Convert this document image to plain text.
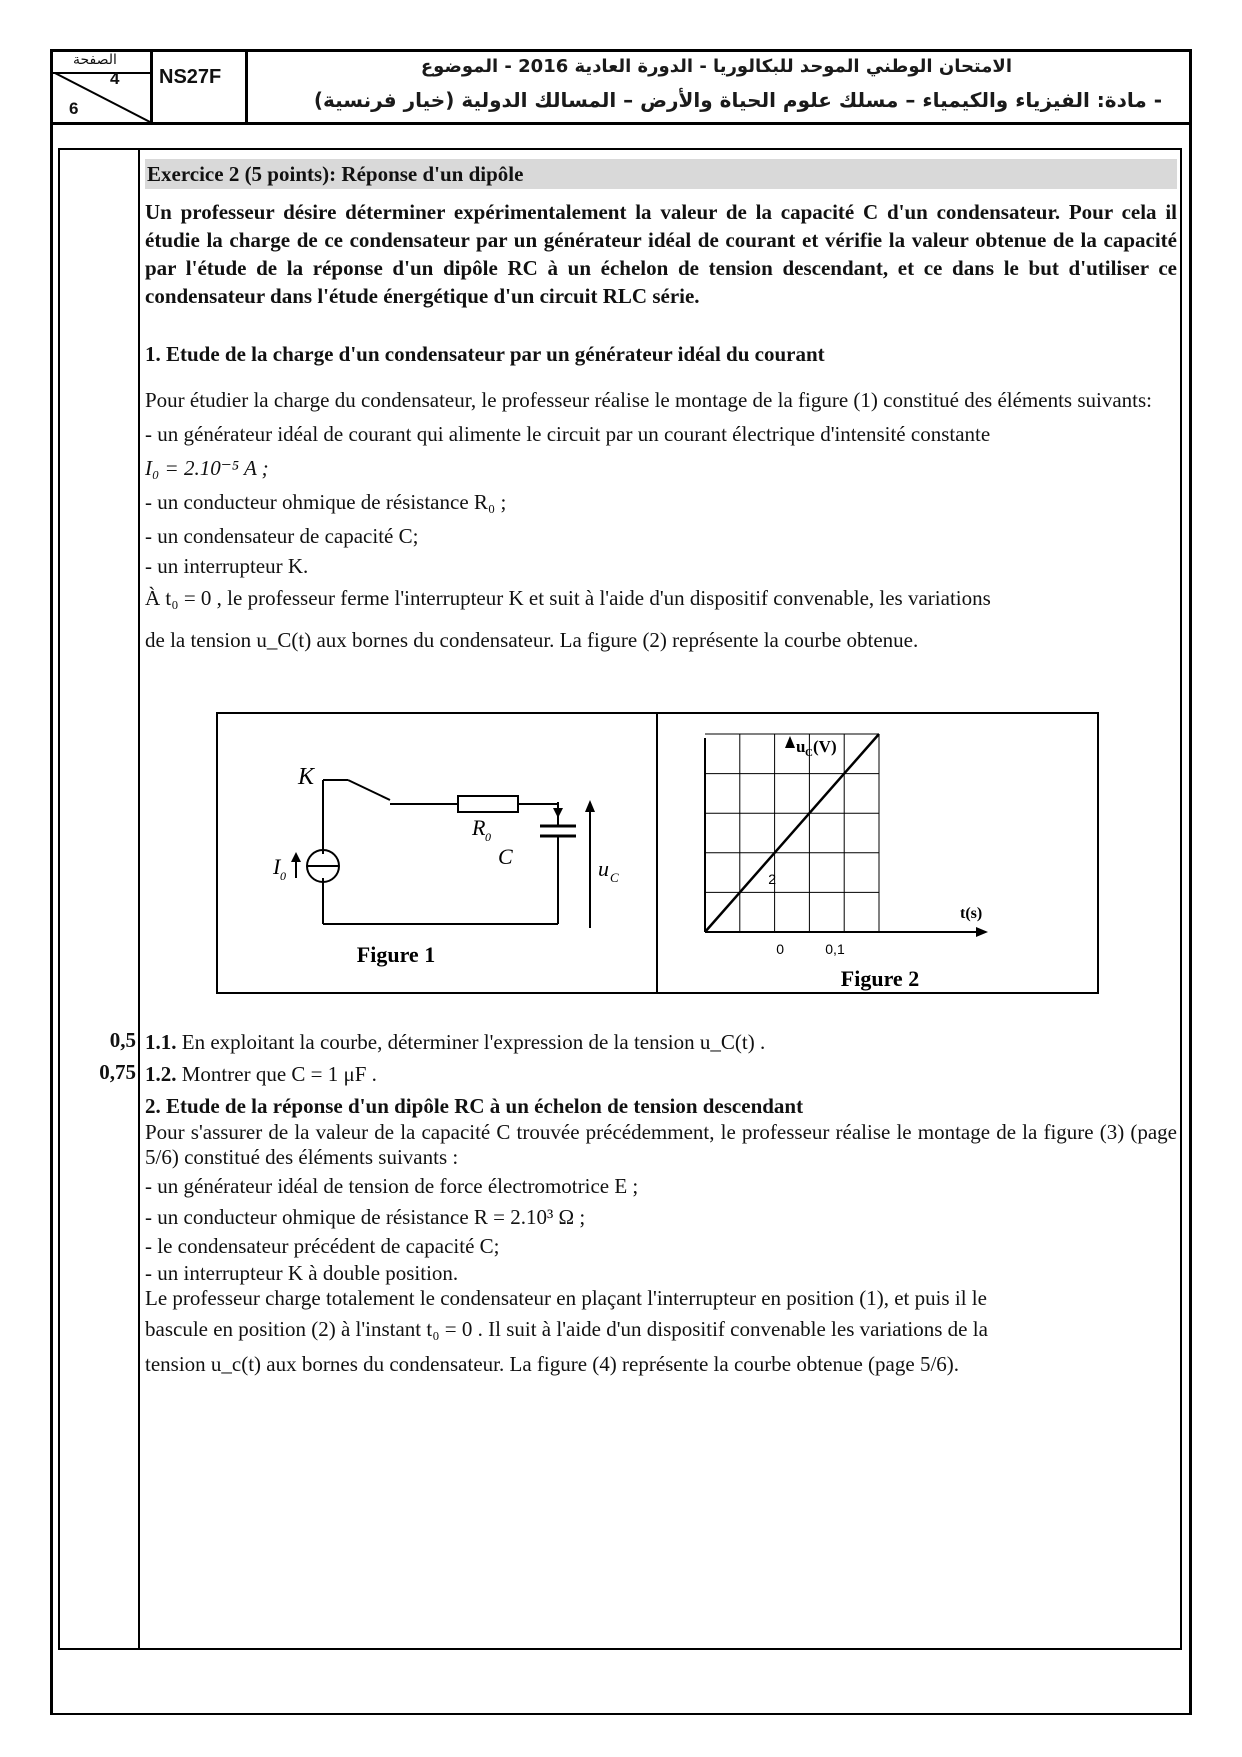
الصفحة
4
6
NS27F	الامتحان الوطني الموحد للبكالوريا - الدورة العادية 2016 - الموضوع
- مادة: الفيزياء والكيمياء – مسلك علوم الحياة والأرض – المسالك الدولية (خيار فرنسية)
Exercice 2 (5 points): Réponse d'un dipôle
Un professeur désire déterminer expérimentalement la valeur de la capacité C d'un condensateur. Pour cela il étudie la charge de ce condensateur par un générateur idéal de courant et vérifie la valeur obtenue de la capacité par l'étude de la réponse d'un dipôle RC à un échelon de tension descendant, et ce dans le but d'utiliser ce condensateur dans l'étude énergétique d'un circuit RLC série.
1. Etude de la charge d'un condensateur par un générateur idéal du courant
Pour étudier la charge du condensateur, le professeur réalise le montage de la figure (1) constitué des éléments suivants:
- un générateur idéal de courant qui alimente le circuit par un courant électrique d'intensité constante
I₀ = 2.10⁻⁵ A ;
- un conducteur ohmique de résistance R₀ ;
- un condensateur de capacité C;
- un interrupteur K.
À t₀ = 0 , le professeur ferme l'interrupteur K et suit à l'aide d'un dispositif convenable, les variations
de la tension u_C(t) aux bornes du condensateur. La figure (2) représente la courbe obtenue.
K
I 0
R 0
C	u C
Figure 1
u C (V)
t(s)
0	0,1
2
Figure 2
0,5 1.1. En exploitant la courbe, déterminer l'expression de la tension u_C(t) .
0,75 1.2. Montrer que C = 1 μF .
2. Etude de la réponse d'un dipôle RC à un échelon de tension descendant
Pour s'assurer de la valeur de la capacité C trouvée précédemment, le professeur réalise le montage de la figure (3) (page 5/6) constitué des éléments suivants :
- un générateur idéal de tension de force électromotrice E ;
- un conducteur ohmique de résistance R = 2.10³ Ω ;
- le condensateur précédent de capacité C;
- un interrupteur K à double position.
Le professeur charge totalement le condensateur en plaçant l'interrupteur en position (1), et puis il le
bascule en position (2) à l'instant t₀ = 0 . Il suit à l'aide d'un dispositif convenable les variations de la
tension u_c(t) aux bornes du condensateur. La figure (4) représente la courbe obtenue (page 5/6).
